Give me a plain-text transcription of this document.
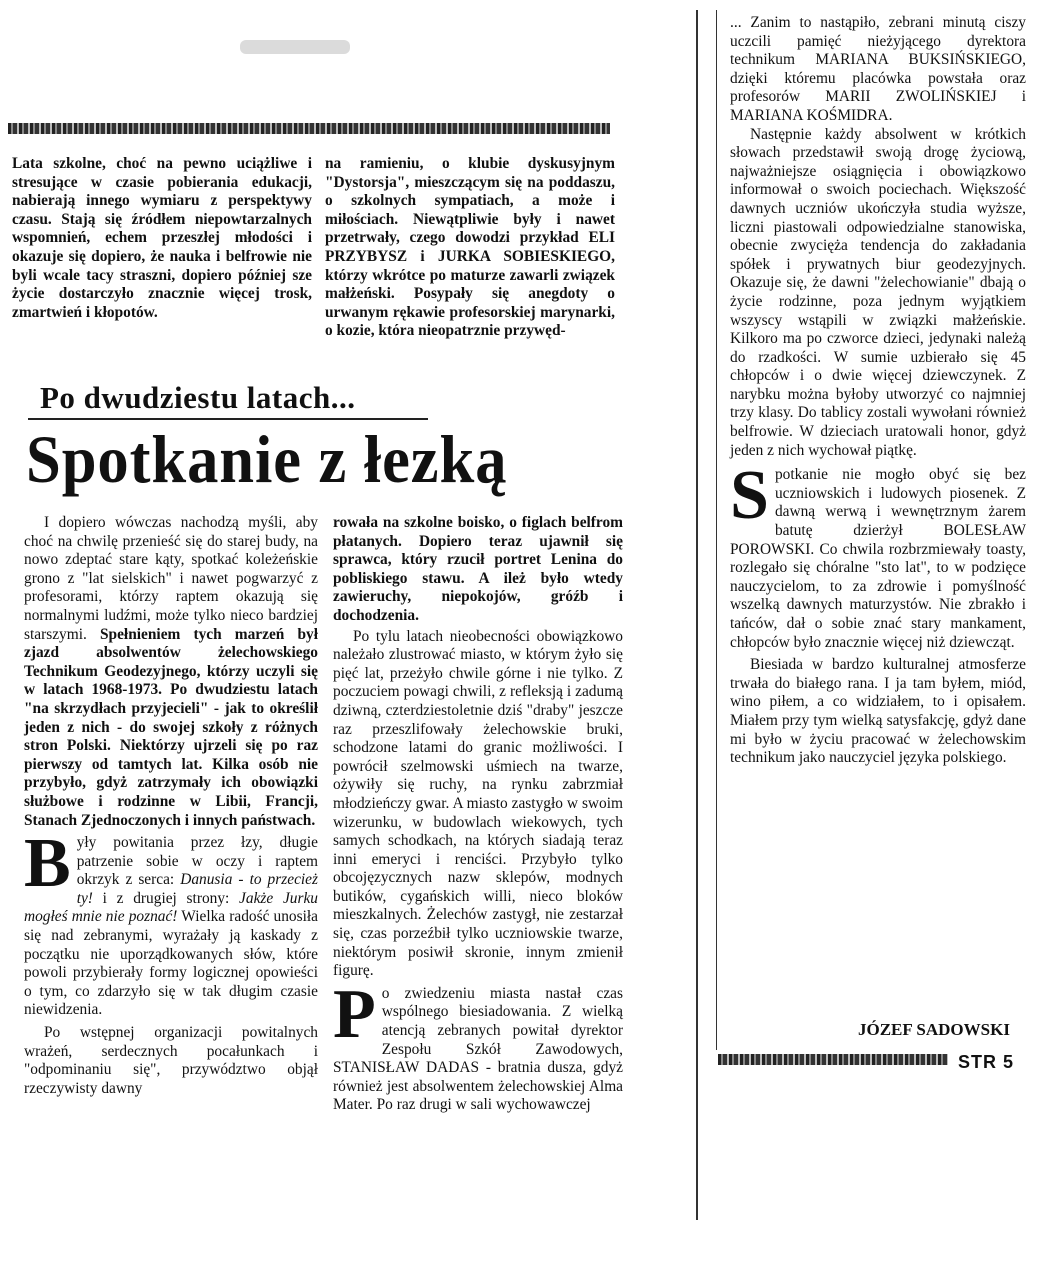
Lata szkolne, choć na pewno uciążliwe i stresujące w czasie pobierania edukacji, nabierają innego wymiaru z perspektywy czasu. Stają się źródłem niepowtarzalnych wspomnień, echem przeszłej młodości i okazuje się dopiero, że nauka i belfrowie nie byli wcale tacy straszni, dopiero później sze życie dostarczyło znacznie więcej trosk, zmartwień i kłopotów.

na ramieniu, o klubie dyskusyjnym "Dystorsja", mieszczącym się na poddaszu, o szkolnych sympatiach, a może i miłościach. Niewątpliwie były i nawet przetrwały, czego dowodzi przykład ELI PRZYBYSZ i JURKA SOBIESKIEGO, którzy wkrótce po maturze zawarli związek małżeński. Posypały się anegdoty o urwanym rękawie profesorskiej marynarki, o kozie, która nieopatrznie przywęd-

Po dwudziestu latach...
Spotkanie z łezką

I dopiero wówczas nachodzą myśli, aby choć na chwilę przenieść się do starej budy, na nowo zdeptać stare kąty, spotkać koleżeńskie grono z "lat sielskich" i nawet pogwarzyć z profesorami, którzy raptem okazują się normalnymi ludźmi, może tylko nieco bardziej starszymi. Spełnieniem tych marzeń był zjazd absolwentów żelechowskiego Technikum Geodezyjnego, którzy uczyli się w latach 1968-1973. Po dwudziestu latach "na skrzydłach przyjecieli" - jak to określił jeden z nich - do swojej szkoły z różnych stron Polski. Niektórzy ujrzeli się po raz pierwszy od tamtych lat. Kilka osób nie przybyło, gdyż zatrzymały ich obowiązki służbowe i rodzinne w Libii, Francji, Stanach Zjednoczonych i innych państwach.

B yły powitania przez łzy, długie patrzenie sobie w oczy i raptem okrzyk z serca: Danusia - to przecież ty! i z drugiej strony: Jakże Jurku mogłeś mnie nie poznać! Wielka radość unosiła się nad zebranymi, wyrażały ją kaskady z początku nie uporządkowanych słów, które powoli przybierały formy logicznej opowieści o tym, co zdarzyło się w tak długim czasie niewidzenia.

Po wstępnej organizacji powitalnych wrażeń, serdecznych pocałunkach i "odpominaniu się", przywództwo objął rzeczywisty dawny

rowała na szkolne boisko, o figlach belfrom płatanych. Dopiero teraz ujawnił się sprawca, który rzucił portret Lenina do pobliskiego stawu. A ileż było wtedy zawieruchy, niepokojów, gróźb i dochodzenia.

Po tylu latach nieobecności obowiązkowo należało zlustrować miasto, w którym żyło się pięć lat, przeżyło chwile górne i nie tylko. Z poczuciem powagi chwili, z refleksją i zadumą dziwną, czterdziestoletnie dziś "draby" jeszcze raz przeszlifowały żelechowskie bruki, schodzone latami do granic możliwości. I powrócił szelmowski uśmiech na twarze, ożywiły się ruchy, na rynku zabrzmiał młodzieńczy gwar. A miasto zastygło w swoim wizerunku, w budowlach wiekowych, tych samych schodkach, na których siadają teraz inni emeryci i renciści. Przybyło tylko obcojęzycznych nazw sklepów, modnych butików, cygańskich willi, nieco bloków mieszkalnych. Żelechów zastygł, nie zestarzał się, czas porzeźbił tylko uczniowskie twarze, niektórym posiwił skronie, innym zmienił figurę.

P o zwiedzeniu miasta nastał czas wspólnego biesiadowania. Z wielką atencją zebranych powitał dyrektor Zespołu Szkół Zawodowych, STANISŁAW DADAS - bratnia dusza, gdyż również jest absolwentem żelechowskiej Alma Mater. Po raz drugi w sali wychowawczej

... Zanim to nastąpiło, zebrani minutą ciszy uczcili pamięć nieżyjącego dyrektora technikum MARIANA BUKSIŃSKIEGO, dzięki któremu placówka powstała oraz profesorów MARII ZWOLIŃSKIEJ i MARIANA KOŚMIDRA.

Następnie każdy absolwent w krótkich słowach przedstawił swoją drogę życiową, najważniejsze osiągnięcia i obowiązkowo informował o swoich pociechach. Większość dawnych uczniów ukończyła studia wyższe, liczni piastowali odpowiedzialne stanowiska, obecnie zwycięża tendencja do zakładania spółek i prywatnych biur geodezyjnych. Okazuje się, że dawni "żelechowianie" dbają o życie rodzinne, poza jednym wyjątkiem wszyscy wstąpili w związki małżeńskie. Kilkoro ma po czworce dzieci, jedynaki należą do rzadkości. W sumie uzbierało się 45 chłopców i o dwie więcej dziewczynek. Z narybku można byłoby utworzyć co najmniej trzy klasy. Do tablicy zostali wywołani również belfrowie. W dzieciach uratowali honor, gdyż jeden z nich wychował piątkę.

S potkanie nie mogło obyć się bez uczniowskich i ludowych piosenek. Z dawną werwą i wewnętrznym żarem batutę dzierżył BOLESŁAW POROWSKI. Co chwila rozbrzmiewały toasty, rozlegało się chóralne "sto lat", to w podzięce nauczycielom, to za zdrowie i pomyślność wszelką dawnych maturzystów. Nie zbrakło i tańców, dał o sobie znać stary mankament, chłopców było znacznie więcej niż dziewcząt.

Biesiada w bardzo kulturalnej atmosferze trwała do białego rana. I ja tam byłem, miód, wino piłem, a co widziałem, to i opisałem. Miałem przy tym wielką satysfakcję, gdyż dane mi było w życiu pracować w żelechowskim technikum jako nauczyciel języka polskiego.

JÓZEF SADOWSKI
STR 5
